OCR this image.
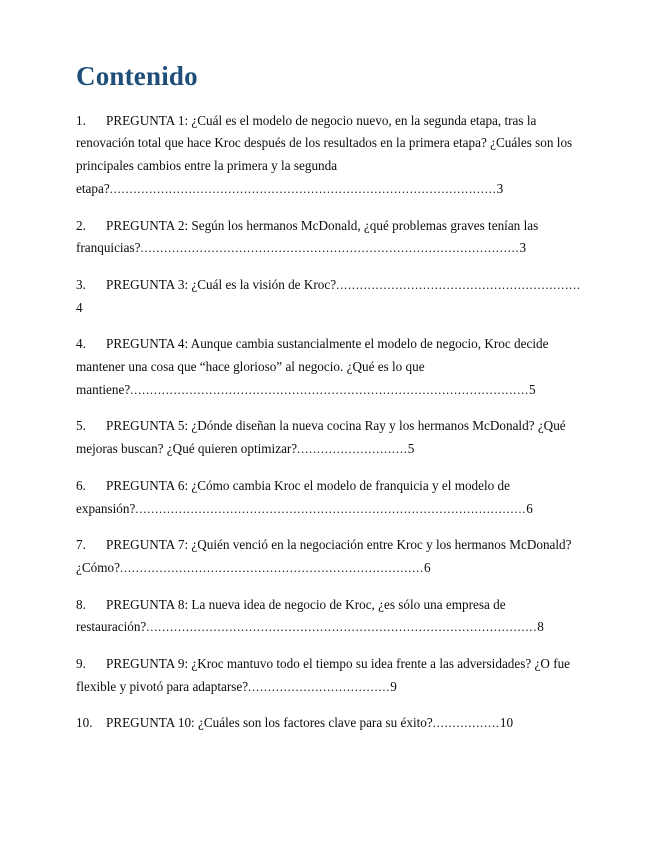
Contenido
1. PREGUNTA 1: ¿Cuál es el modelo de negocio nuevo, en la segunda etapa, tras la renovación total que hace Kroc después de los resultados en la primera etapa? ¿Cuáles son los principales cambios entre la primera y la segunda etapa?..................................................................................................3
2. PREGUNTA 2: Según los hermanos McDonald, ¿qué problemas graves tenían las franquicias?................................................................................................3
3. PREGUNTA 3: ¿Cuál es la visión de Kroc?..............................................................4
4. PREGUNTA 4: Aunque cambia sustancialmente el modelo de negocio, Kroc decide mantener una cosa que “hace glorioso” al negocio. ¿Qué es lo que mantiene?.....................................................................................................5
5. PREGUNTA 5: ¿Dónde diseñan la nueva cocina Ray y los hermanos McDonald? ¿Qué mejoras buscan? ¿Qué quieren optimizar?............................5
6. PREGUNTA 6: ¿Cómo cambia Kroc el modelo de franquicia y el modelo de expansión?...................................................................................................6
7. PREGUNTA 7: ¿Quién venció en la negociación entre Kroc y los hermanos McDonald? ¿Cómo?.............................................................................6
8. PREGUNTA 8: La nueva idea de negocio de Kroc, ¿es sólo una empresa de restauración?...................................................................................................8
9. PREGUNTA 9: ¿Kroc mantuvo todo el tiempo su idea frente a las adversidades? ¿O fue flexible y pivotó para adaptarse?....................................9
10. PREGUNTA 10: ¿Cuáles son los factores clave para su éxito?.................10
